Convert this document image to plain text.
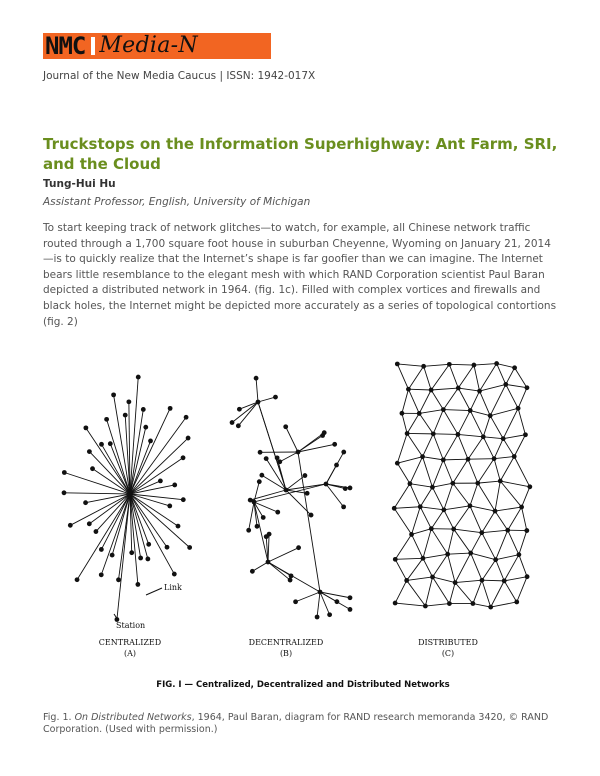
NMC Media-N
Journal of the New Media Caucus | ISSN: 1942-017X
Truckstops on the Information Superhighway: Ant Farm, SRI, and the Cloud
Tung-Hui Hu
Assistant Professor, English, University of Michigan
To start keeping track of network glitches—to watch, for example, all Chinese network traffic routed through a 1,700 square foot house in suburban Cheyenne, Wyoming on January 21, 2014—is to quickly realize that the Internet’s shape is far goofier than we can imagine. The Internet bears little resemblance to the elegant mesh with which RAND Corporation scientist Paul Baran depicted a distributed network in 1964. (fig. 1c). Filled with complex vortices and firewalls and black holes, the Internet might be depicted more accurately as a series of topological contortions (fig. 2)
Link
Station
CENTRALIZED
(A)
DECENTRALIZED
(B)
DISTRIBUTED
(C)
FIG. I — Centralized, Decentralized and Distributed Networks
Fig. 1. On Distributed Networks, 1964, Paul Baran, diagram for RAND research memoranda 3420, © RAND Corporation. (Used with permission.)
